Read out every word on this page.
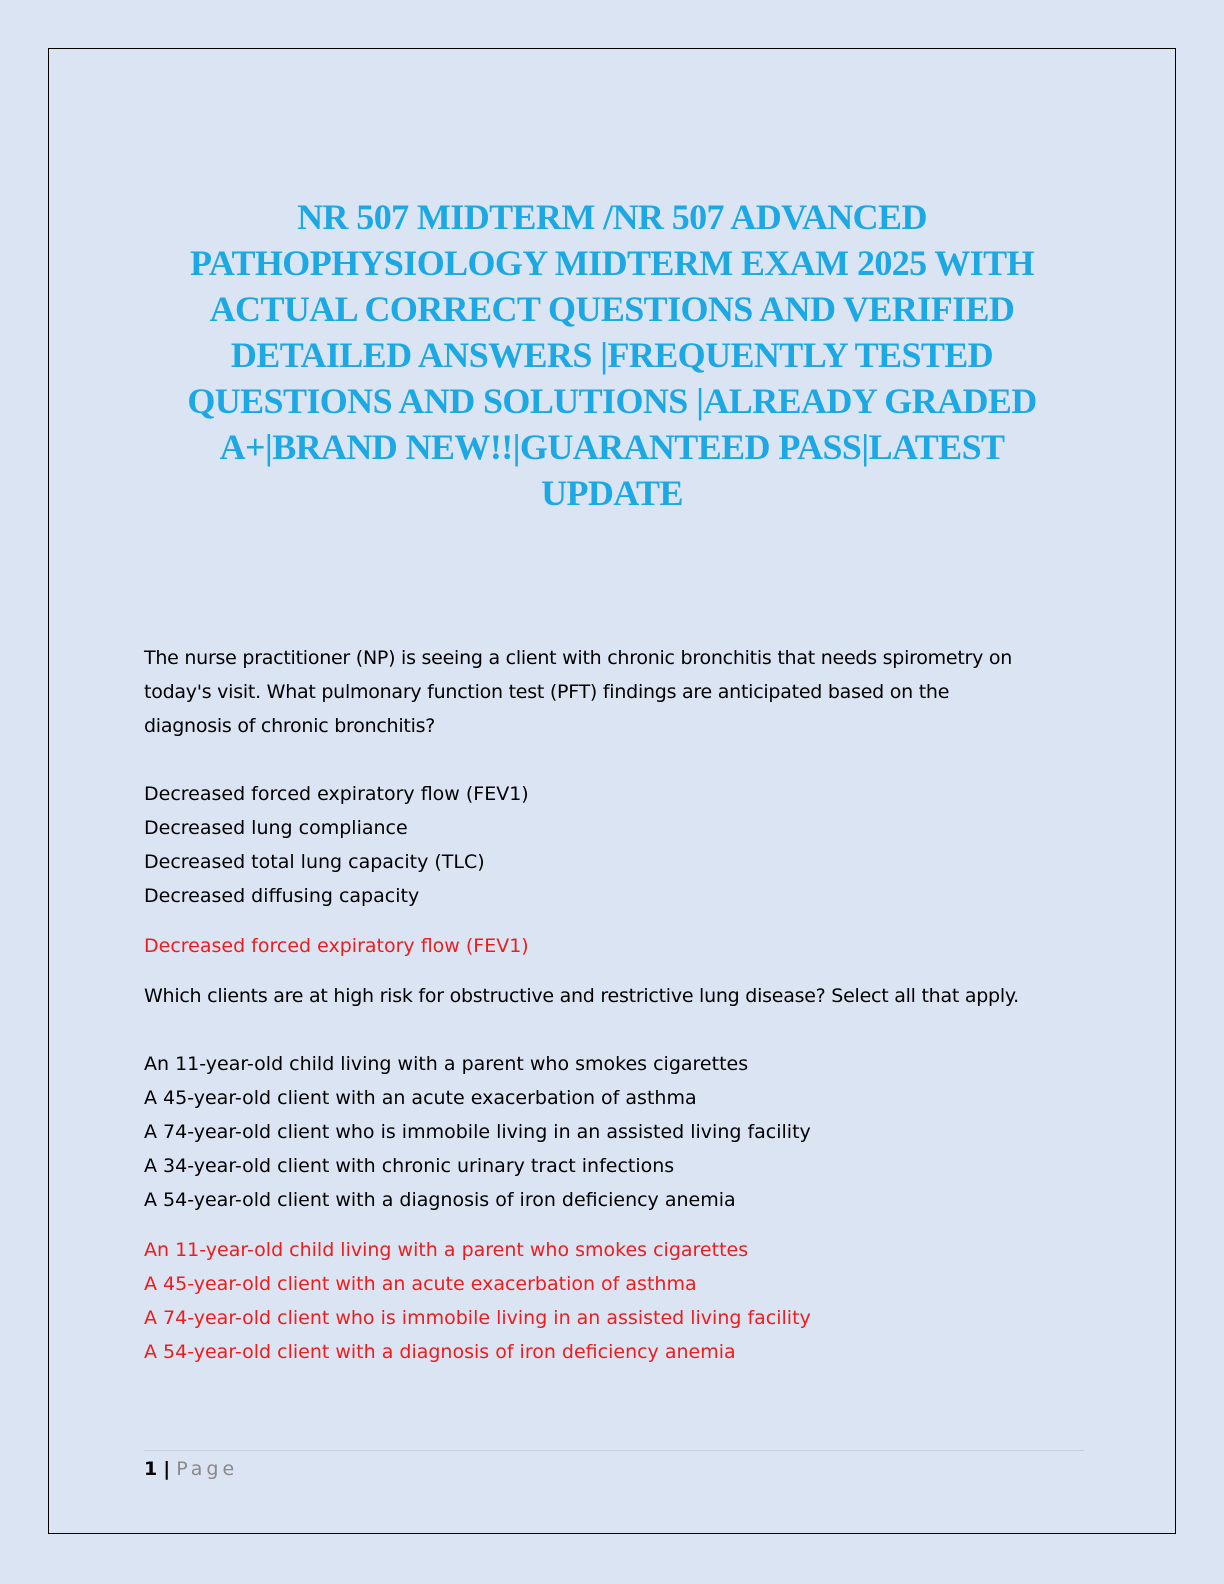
NR 507 MIDTERM /NR 507 ADVANCED
PATHOPHYSIOLOGY MIDTERM EXAM 2025 WITH
ACTUAL CORRECT QUESTIONS AND VERIFIED
DETAILED ANSWERS |FREQUENTLY TESTED
QUESTIONS AND SOLUTIONS |ALREADY GRADED
A+|BRAND NEW!!|GUARANTEED PASS|LATEST
UPDATE

The nurse practitioner (NP) is seeing a client with chronic bronchitis that needs spirometry on

today's visit. What pulmonary function test (PFT) findings are anticipated based on the

diagnosis of chronic bronchitis?

Decreased forced expiratory flow (FEV1)
Decreased lung compliance
Decreased total lung capacity (TLC)
Decreased diffusing capacity

Decreased forced expiratory flow (FEV1)

Which clients are at high risk for obstructive and restrictive lung disease? Select all that apply.

An 11-year-old child living with a parent who smokes cigarettes
A 45-year-old client with an acute exacerbation of asthma
A 74-year-old client who is immobile living in an assisted living facility
A 34-year-old client with chronic urinary tract infections
A 54-year-old client with a diagnosis of iron deficiency anemia

An 11-year-old child living with a parent who smokes cigarettes

A 45-year-old client with an acute exacerbation of asthma

A 74-year-old client who is immobile living in an assisted living facility

A 54-year-old client with a diagnosis of iron deficiency anemia

1 | Page
